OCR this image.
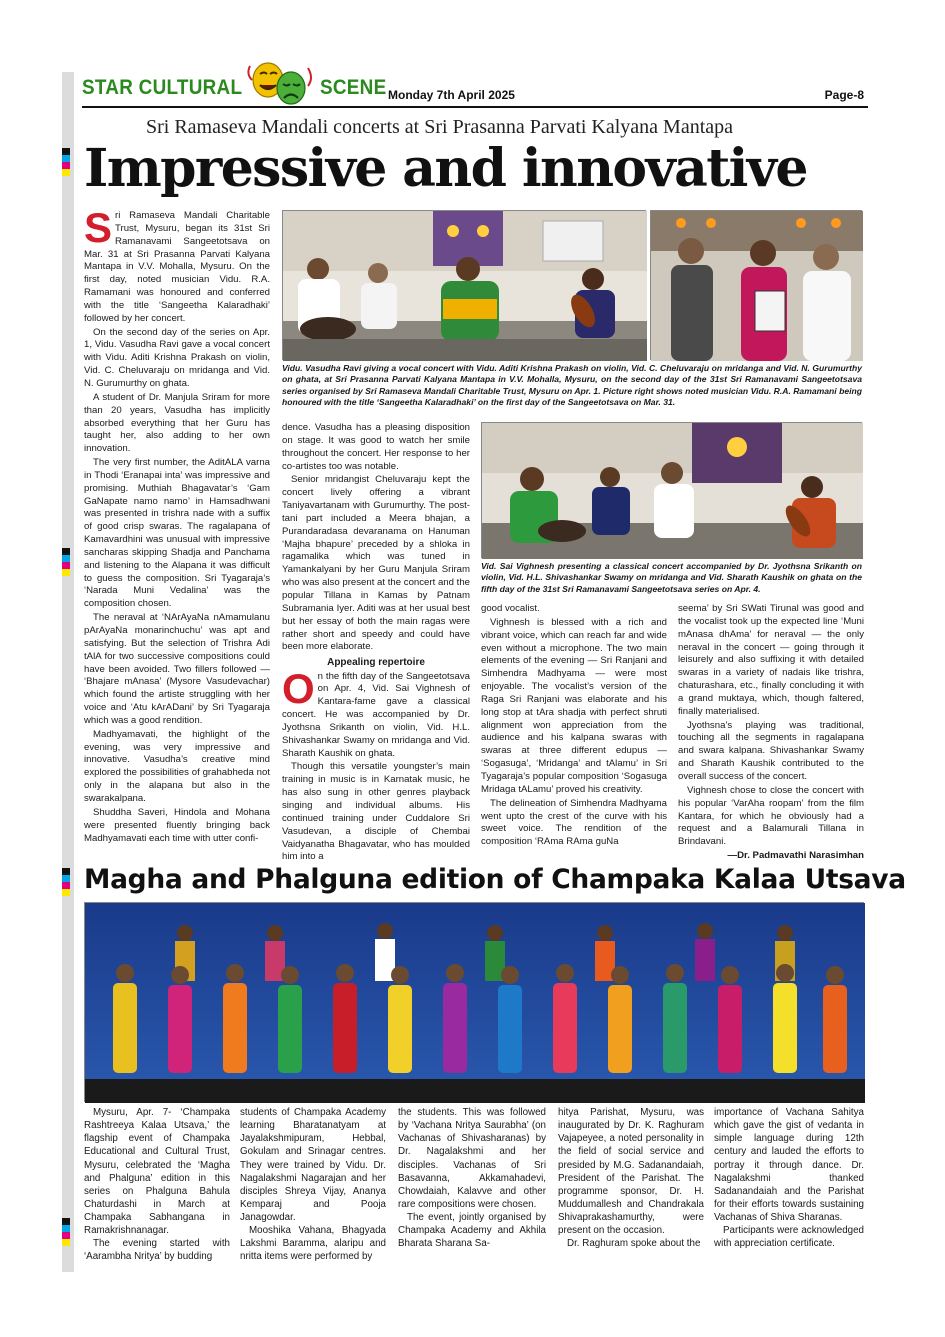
STAR CULTURAL	SCENE Monday 7th April 2025	Page-8
Sri Ramaseva Mandali concerts at Sri Prasanna Parvati Kalyana Mantapa
Impressive and innovative

Sri Ramaseva Mandali Charitable Trust, Mysuru, began its 31st Sri Ramanavami Sangeetotsava on Mar. 31 at Sri Prasanna Parvati Kalyana Mantapa in V.V. Mohalla, Mysuru. On the first day, noted musician Vidu. R.A. Ramamani was honoured and conferred with the title ‘Sangeetha Kalaradhaki’ followed by her concert.

On the second day of the series on Apr. 1, Vidu. Vasudha Ravi gave a vocal concert with Vidu. Aditi Krishna Prakash on violin, Vid. C. Cheluvaraju on mridanga and Vid. N. Gurumurthy on ghata.

A student of Dr. Manjula Sriram for more than 20 years, Vasudha has implicitly absorbed everything that her Guru has taught her, also adding to her own innovation.

The very first number, the AditALA varna in Thodi ‘Eranapai inta’ was impressive and promising. Muthiah Bhagavatar’s ‘Gam GaNapate namo namo’ in Hamsadhwani was presented in trishra nade with a suffix of good crisp swaras. The ragalapana of Kamavardhini was unusual with impressive sancharas skipping Shadja and Panchama and listening to the Alapana it was difficult to guess the composition. Sri Tyagaraja’s ‘Narada Muni Vedalina’ was the composition chosen.

The neraval at ‘NArAyaNa nAmamulanu pArAyaNa monarinchuchu’ was apt and satisfying. But the selection of Trishra Adi tAlA for two successive compositions could have been avoided. Two fillers followed — ‘Bhajare mAnasa’ (Mysore Vasudevachar) which found the artiste struggling with her voice and ‘Atu kArADani’ by Sri Tyagaraja which was a good rendition.

Madhyamavati, the highlight of the evening, was very impressive and innovative. Vasudha’s creative mind explored the possibilities of grahabheda not only in the alapana but also in the swarakalpana.

Shuddha Saveri, Hindola and Mohana were presented fluently bringing back Madhyamavati each time with utter confi-

Vidu. Vasudha Ravi giving a vocal concert with Vidu. Aditi Krishna Prakash on violin, Vid. C. Cheluvaraju on mridanga and Vid. N. Gurumurthy on ghata, at Sri Prasanna Parvati Kalyana Mantapa in V.V. Mohalla, Mysuru, on the second day of the 31st Sri Ramanavami Sangeetotsava series organised by Sri Ramaseva Mandali Charitable Trust, Mysuru on Apr. 1. Picture right shows noted musician Vidu. R.A. Ramamani being honoured with the title ‘Sangeetha Kalaradhaki’ on the first day of the Sangeetotsava on Mar. 31.

dence. Vasudha has a pleasing disposition on stage. It was good to watch her smile throughout the concert. Her response to her co-artistes too was notable.

Senior mridangist Cheluvaraju kept the concert lively offering a vibrant Taniyavartanam with Gurumurthy. The post-tani part included a Meera bhajan, a Purandaradasa devaranama on Hanuman ‘Majha bhapure’ preceded by a shloka in ragamalika which was tuned in Yamankalyani by her Guru Manjula Sriram who was also present at the concert and the popular Tillana in Kamas by Patnam Subramania Iyer. Aditi was at her usual best but her essay of both the main ragas were rather short and speedy and could have been more elaborate.

Appealing repertoire

On the fifth day of the Sangeetotsava on Apr. 4, Vid. Sai Vighnesh of Kantara-fame gave a classical concert. He was accompanied by Dr. Jyothsna Srikanth on violin, Vid. H.L. Shivashankar Swamy on mridanga and Vid. Sharath Kaushik on ghata.

Though this versatile youngster’s main training in music is in Karnatak music, he has also sung in other genres playback singing and individual albums. His continued training under Cuddalore Sri Vasudevan, a disciple of Chembai Vaidyanatha Bhagavatar, who has moulded him into a

Vid. Sai Vighnesh presenting a classical concert accompanied by Dr. Jyothsna Srikanth on violin, Vid. H.L. Shivashankar Swamy on mridanga and Vid. Sharath Kaushik on ghata on the fifth day of the 31st Sri Ramanavami Sangeetotsava series on Apr. 4.

good vocalist.

Vighnesh is blessed with a rich and vibrant voice, which can reach far and wide even without a microphone. The two main elements of the evening — Sri Ranjani and Simhendra Madhyama — were most enjoyable. The vocalist’s version of the Raga Sri Ranjani was elaborate and his long stop at tAra shadja with perfect shruti alignment won appreciation from the audience and his kalpana swaras with swaras at three different edupus — ‘Sogasuga’, ‘Mridanga’ and tAlamu’ in Sri Tyagaraja’s popular composition ‘Sogasuga Mridaga tALamu’ proved his creativity.

The delineation of Simhendra Madhyama went upto the crest of the curve with his sweet voice. The rendition of the composition ‘RAma RAma guNa

seema’ by Sri SWati Tirunal was good and the vocalist took up the expected line ‘Muni mAnasa dhAma’ for neraval — the only neraval in the concert — going through it leisurely and also suffixing it with detailed swaras in a variety of nadais like trishra, chaturashara, etc., finally concluding it with a grand muktaya, which, though faltered, finally materialised.

Jyothsna’s playing was traditional, touching all the segments in ragalapana and swara kalpana. Shivashankar Swamy and Sharath Kaushik contributed to the overall success of the concert.

Vighnesh chose to close the concert with his popular ‘VarAha roopam’ from the film Kantara, for which he obviously had a request and a Balamurali Tillana in Brindavani.

—Dr. Padmavathi Narasimhan

Magha and Phalguna edition of Champaka Kalaa Utsava

Mysuru, Apr. 7- ‘Champaka Rashtreeya Kalaa Utsava,’ the flagship event of Champaka Educational and Cultural Trust, Mysuru, celebrated the ‘Magha and Phalguna’ edition in this series on Phalguna Bahula Chaturdashi in March at Champaka Sabhangana in Ramakrishnanagar.

The evening started with ‘Aarambha Nritya’ by budding

students of Champaka Academy learning Bharatanatyam at Jayalakshmipuram, Hebbal, Gokulam and Srinagar centres. They were trained by Vidu. Dr. Nagalakshmi Nagarajan and her disciples Shreya Vijay, Ananya Kemparaj and Pooja Janagowdar.

Mooshika Vahana, Bhagyada Lakshmi Baramma, alaripu and nritta items were performed by

the students. This was followed by ‘Vachana Nritya Saurabha’ (on Vachanas of Shivasharanas) by Dr. Nagalakshmi and her disciples. Vachanas of Sri Basavanna, Akkamahadevi, Chowdaiah, Kalavve and other rare compositions were chosen.

The event, jointly organised by Champaka Academy and Akhila Bharata Sharana Sa-

hitya Parishat, Mysuru, was inaugurated by Dr. K. Raghuram Vajapeyee, a noted personality in the field of social service and presided by M.G. Sadanandaiah, President of the Parishat. The programme sponsor, Dr. H. Muddumallesh and Chandrakala Shivaprakashamurthy, were present on the occasion.

Dr. Raghuram spoke about the

importance of Vachana Sahitya which gave the gist of vedanta in simple language during 12th century and lauded the efforts to portray it through dance. Dr. Nagalakshmi thanked Sadanandaiah and the Parishat for their efforts towards sustaining Vachanas of Shiva Sharanas.

Participants were acknowledged with appreciation certificate.
